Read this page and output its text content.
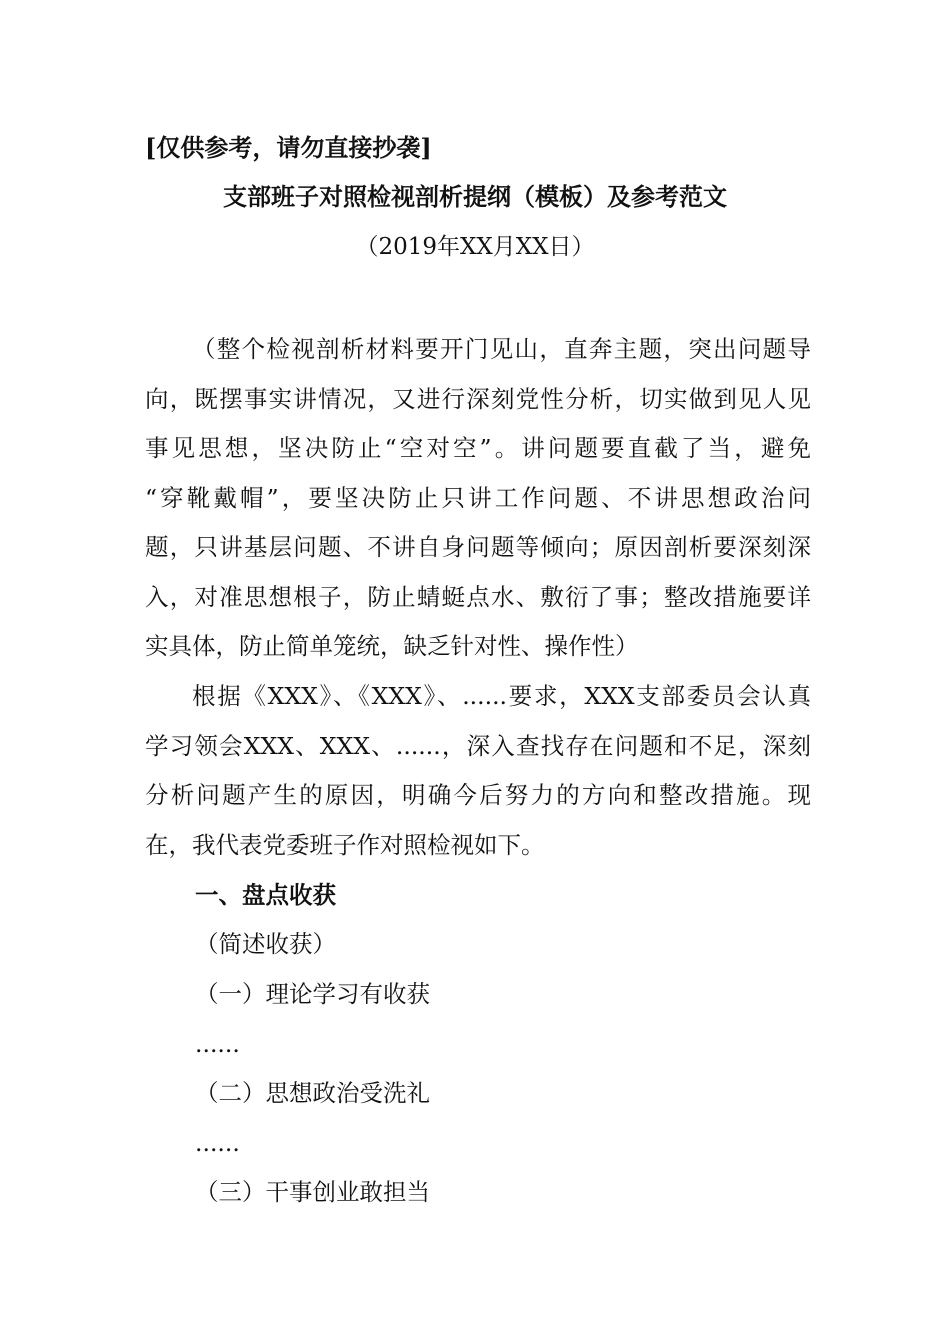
[仅供参考，请勿直接抄袭]
支部班子对照检视剖析提纲（模板）及参考范文
（2019年XX月XX日）
（整个检视剖析材料要开门见山，直奔主题，突出问题导
向，既摆事实讲情况，又进行深刻党性分析，切实做到见人见
事见思想，坚决防止“空对空”。讲问题要直截了当，避免
“穿靴戴帽”，要坚决防止只讲工作问题、不讲思想政治问
题，只讲基层问题、不讲自身问题等倾向；原因剖析要深刻深
入，对准思想根子，防止蜻蜓点水、敷衍了事；整改措施要详
实具体，防止简单笼统，缺乏针对性、操作性）
根据《XXX》、《XXX》、......要求，XXX支部委员会认真
学习领会XXX、XXX、......，深入查找存在问题和不足，深刻
分析问题产生的原因，明确今后努力的方向和整改措施。现
在，我代表党委班子作对照检视如下。
一、盘点收获
（简述收获）
（一）理论学习有收获
......
（二）思想政治受洗礼
......
（三）干事创业敢担当
